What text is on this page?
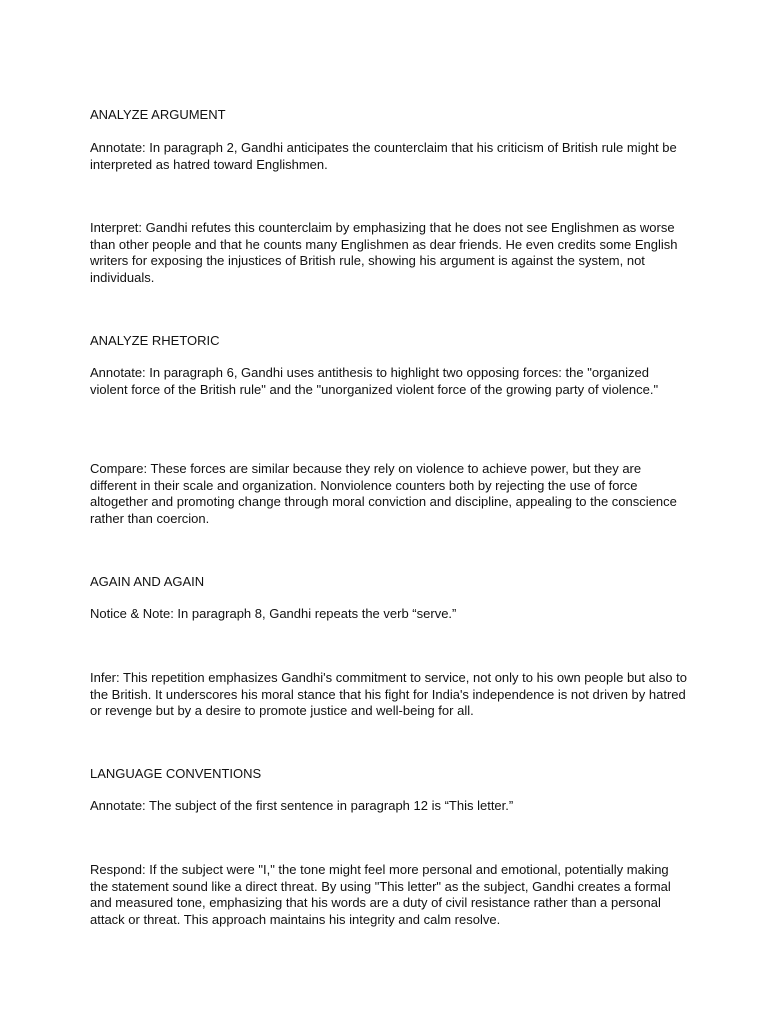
ANALYZE ARGUMENT

Annotate: In paragraph 2, Gandhi anticipates the counterclaim that his criticism of British rule might be interpreted as hatred toward Englishmen.

Interpret: Gandhi refutes this counterclaim by emphasizing that he does not see Englishmen as worse than other people and that he counts many Englishmen as dear friends. He even credits some English writers for exposing the injustices of British rule, showing his argument is against the system, not individuals.

ANALYZE RHETORIC

Annotate: In paragraph 6, Gandhi uses antithesis to highlight two opposing forces: the "organized violent force of the British rule" and the "unorganized violent force of the growing party of violence."

Compare: These forces are similar because they rely on violence to achieve power, but they are different in their scale and organization. Nonviolence counters both by rejecting the use of force altogether and promoting change through moral conviction and discipline, appealing to the conscience rather than coercion.

AGAIN AND AGAIN

Notice & Note: In paragraph 8, Gandhi repeats the verb “serve.”

Infer: This repetition emphasizes Gandhi's commitment to service, not only to his own people but also to the British. It underscores his moral stance that his fight for India's independence is not driven by hatred or revenge but by a desire to promote justice and well-being for all.

LANGUAGE CONVENTIONS

Annotate: The subject of the first sentence in paragraph 12 is “This letter.”

Respond: If the subject were "I," the tone might feel more personal and emotional, potentially making the statement sound like a direct threat. By using "This letter" as the subject, Gandhi creates a formal and measured tone, emphasizing that his words are a duty of civil resistance rather than a personal attack or threat. This approach maintains his integrity and calm resolve.
